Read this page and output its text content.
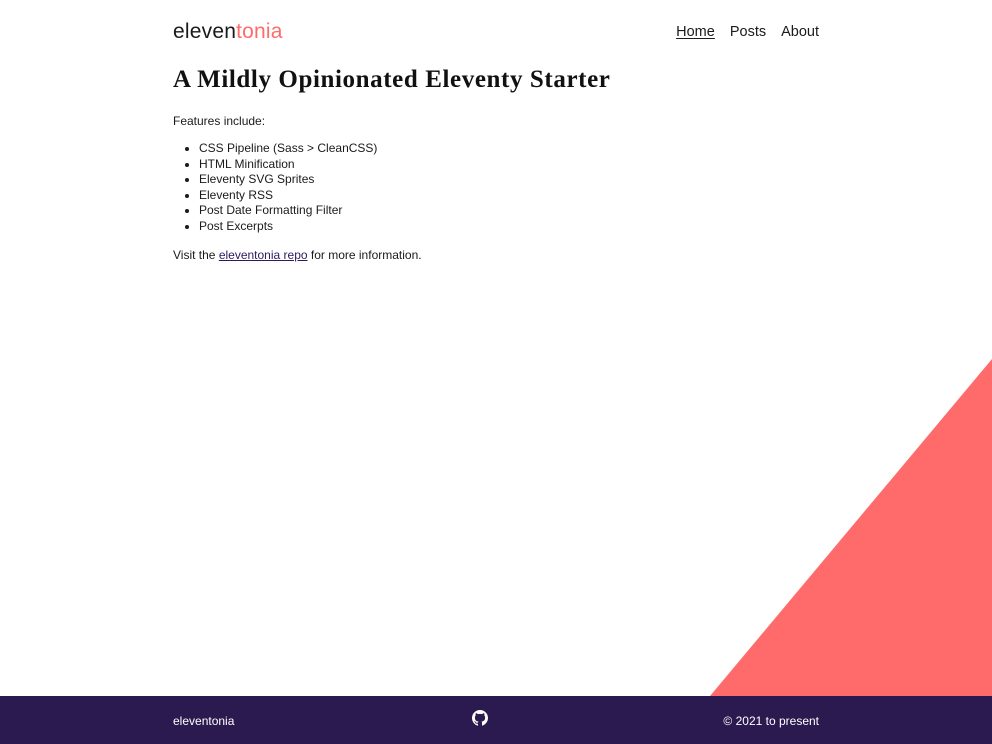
eleventonia	Home Posts About
A Mildly Opinionated Eleventy Starter

Features include:

• CSS Pipeline (Sass > CleanCSS)
• HTML Minification
• Eleventy SVG Sprites
• Eleventy RSS
• Post Date Formatting Filter
• Post Excerpts

Visit the eleventonia repo for more information.

eleventonia	© 2021 to present
